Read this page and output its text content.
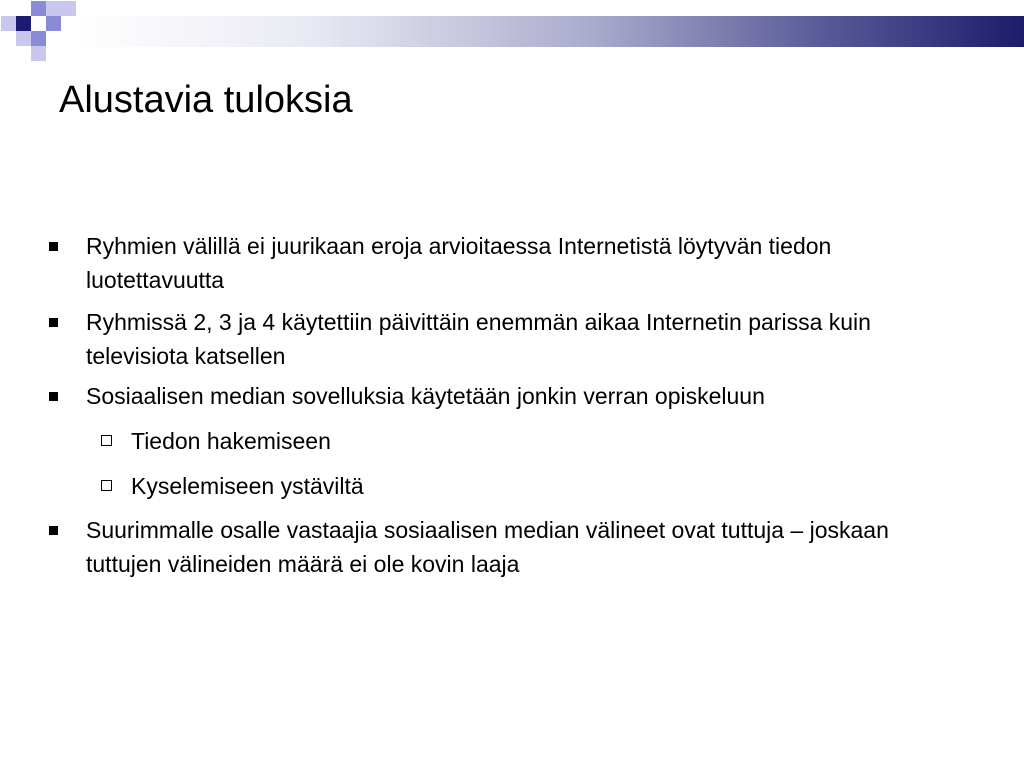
Alustavia tuloksia
Ryhmien välillä ei juurikaan eroja arvioitaessa Internetistä löytyvän tiedon luotettavuutta
Ryhmissä 2, 3 ja 4 käytettiin päivittäin enemmän aikaa Internetin parissa kuin televisiota katsellen
Sosiaalisen median sovelluksia käytetään jonkin verran opiskeluun
Tiedon hakemiseen
Kyselemiseen ystäviltä
Suurimmalle osalle vastaajia sosiaalisen median välineet ovat tuttuja – joskaan tuttujen välineiden määrä ei ole kovin laaja
